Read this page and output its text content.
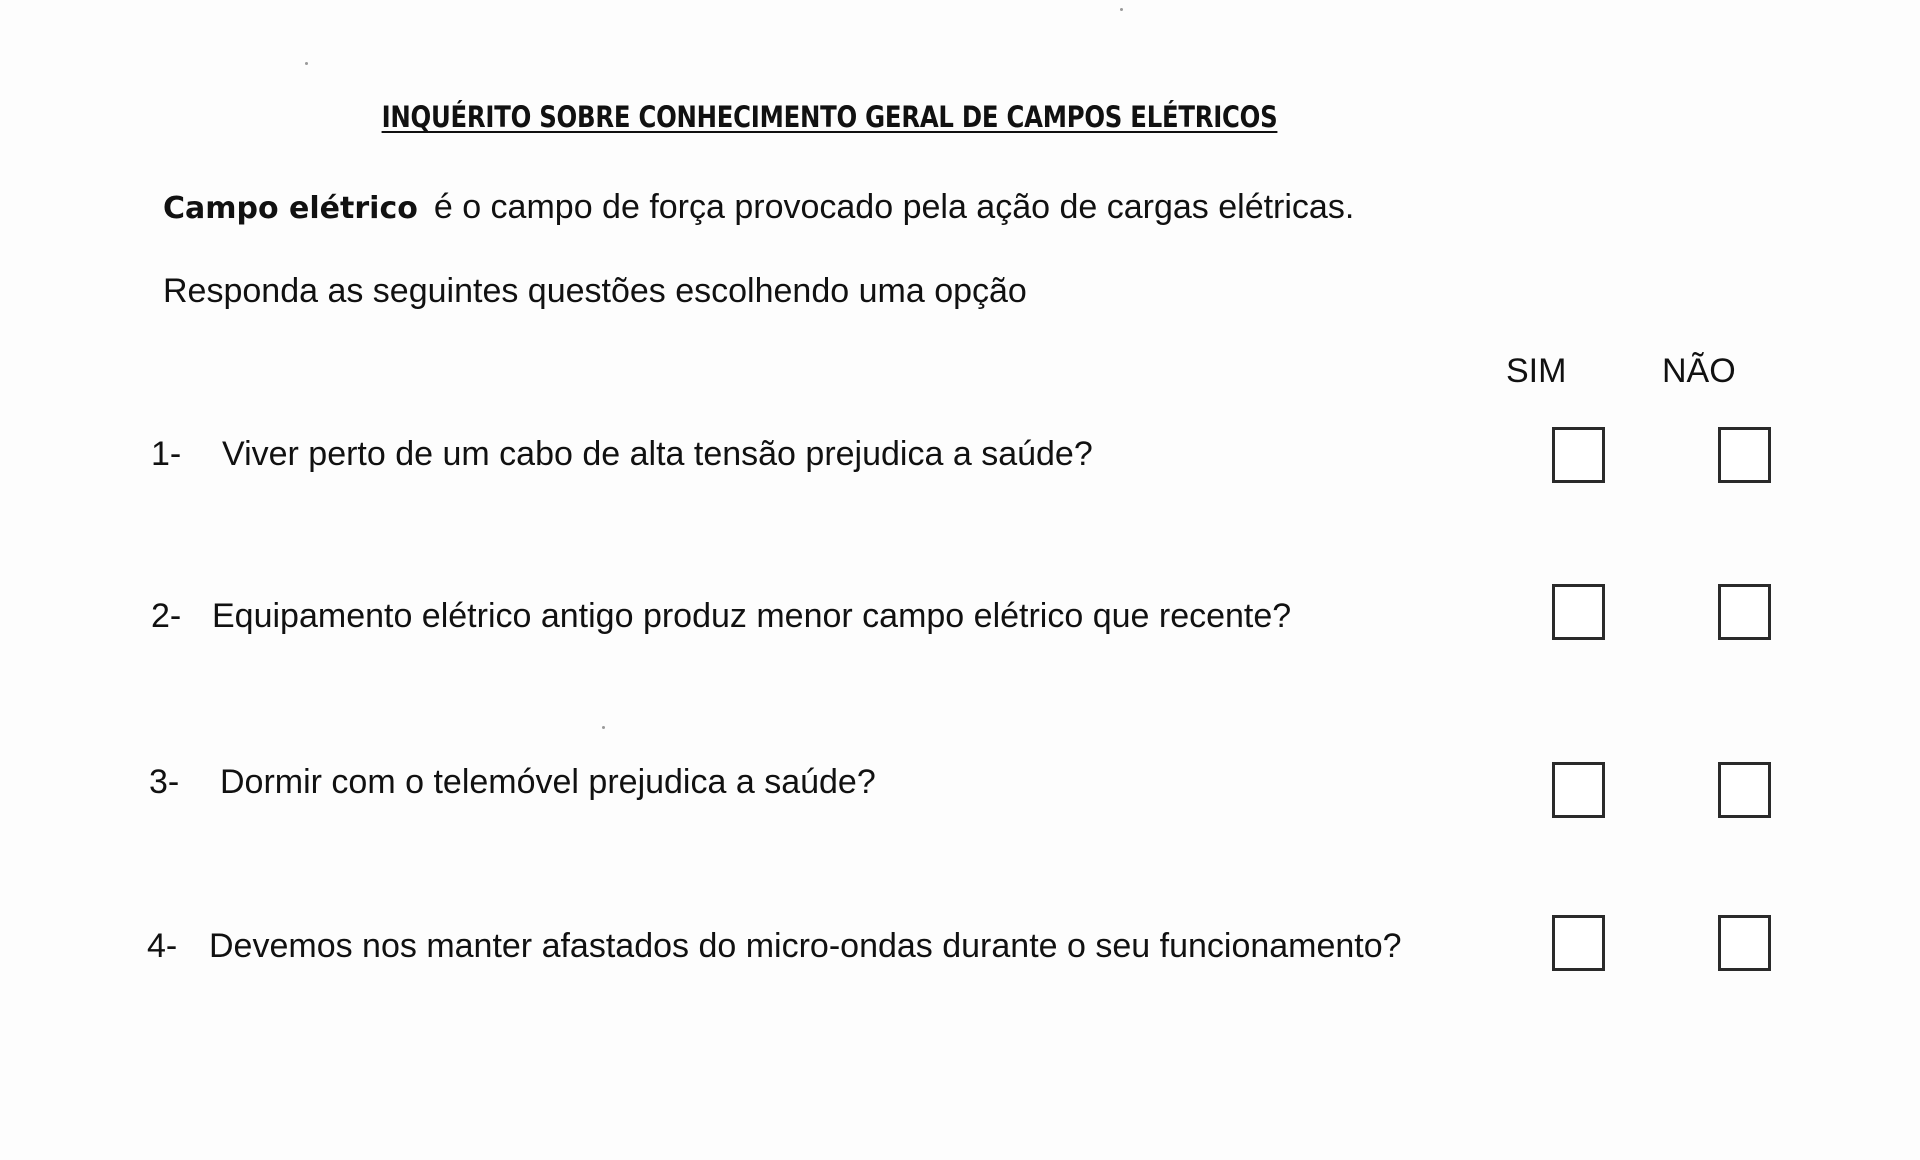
INQUÉRITO SOBRE CONHECIMENTO GERAL DE CAMPOS ELÉTRICOS
Campo elétrico é o campo de força provocado pela ação de cargas elétricas.
Responda as seguintes questões escolhendo uma opção
SIM	NÃO
1- Viver perto de um cabo de alta tensão prejudica a saúde?
2- Equipamento elétrico antigo produz menor campo elétrico que recente?
3- Dormir com o telemóvel prejudica a saúde?
4- Devemos nos manter afastados do micro-ondas durante o seu funcionamento?
